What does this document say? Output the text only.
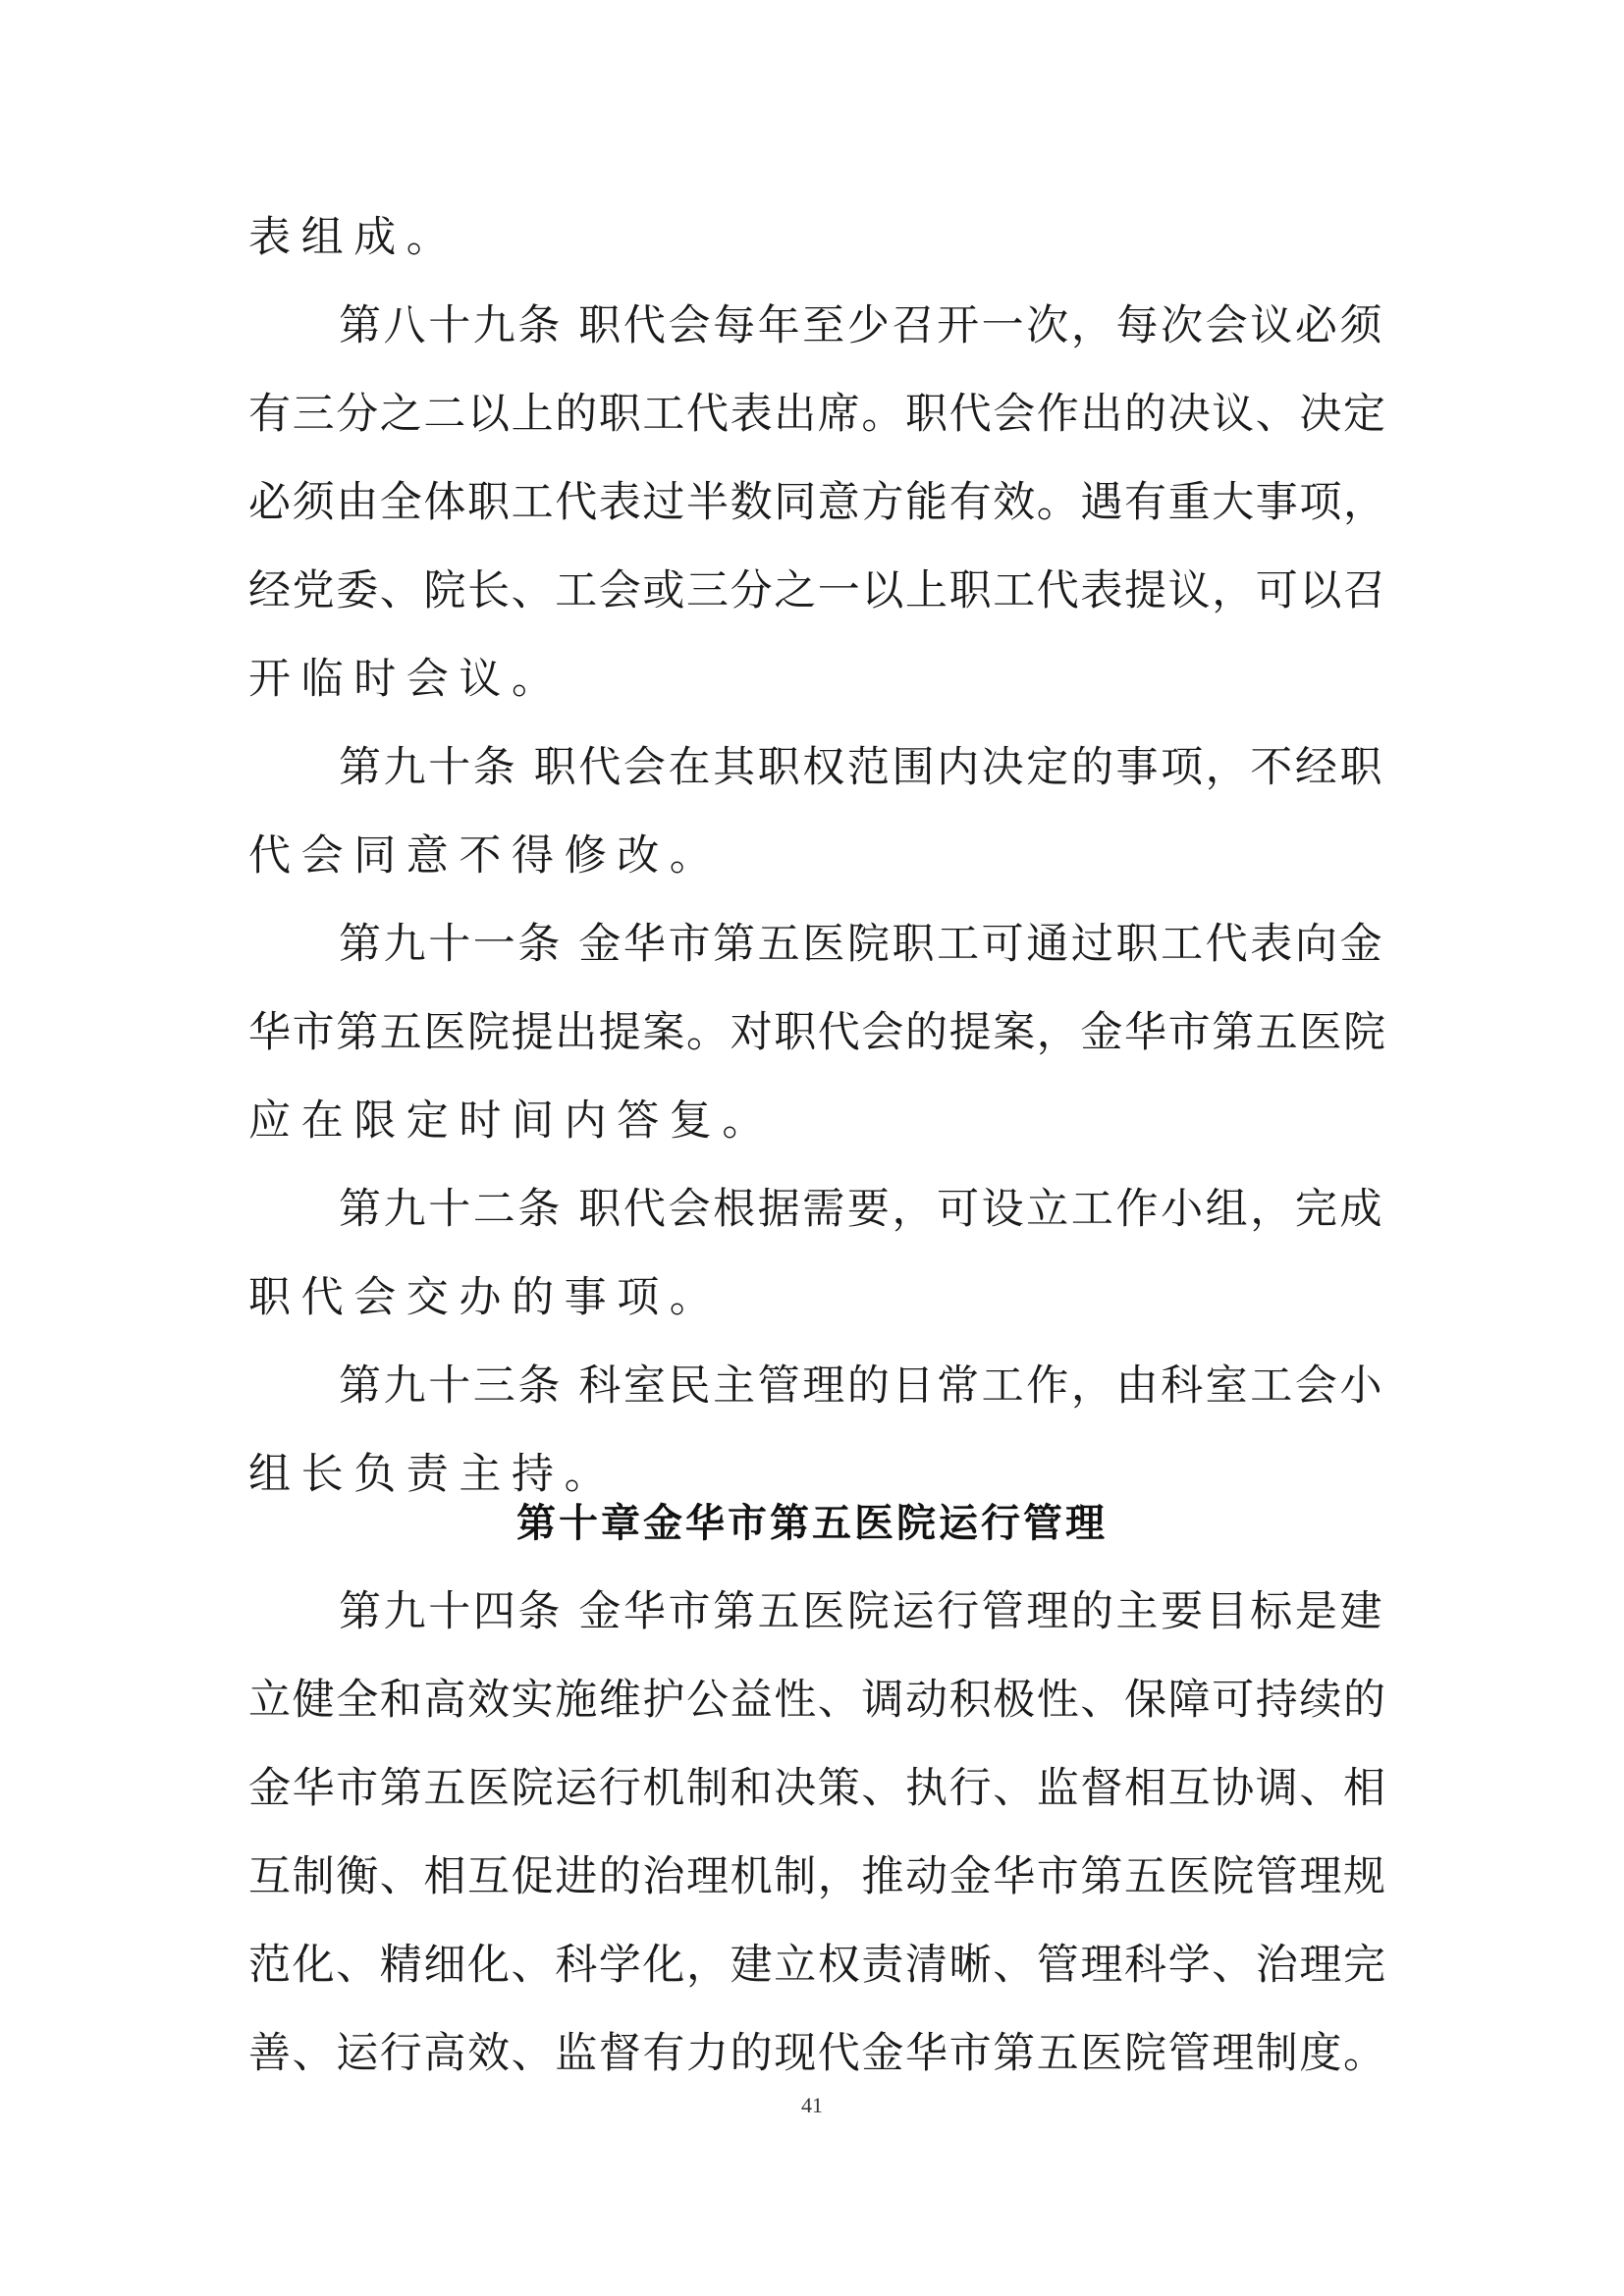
表组成。
第八十九条 职代会每年至少召开一次，每次会议必须
有三分之二以上的职工代表出席。职代会作出的决议、决定
必须由全体职工代表过半数同意方能有效。遇有重大事项，
经党委、院长、工会或三分之一以上职工代表提议，可以召
开临时会议。
第九十条 职代会在其职权范围内决定的事项，不经职
代会同意不得修改。
第九十一条 金华市第五医院职工可通过职工代表向金
华市第五医院提出提案。对职代会的提案，金华市第五医院
应在限定时间内答复。
第九十二条 职代会根据需要，可设立工作小组，完成
职代会交办的事项。
第九十三条 科室民主管理的日常工作，由科室工会小
组长负责主持。
第十章金华市第五医院运行管理
第九十四条 金华市第五医院运行管理的主要目标是建
立健全和高效实施维护公益性、调动积极性、保障可持续的
金华市第五医院运行机制和决策、执行、监督相互协调、相
互制衡、相互促进的治理机制，推动金华市第五医院管理规
范化、精细化、科学化，建立权责清晰、管理科学、治理完
善、运行高效、监督有力的现代金华市第五医院管理制度。
41
